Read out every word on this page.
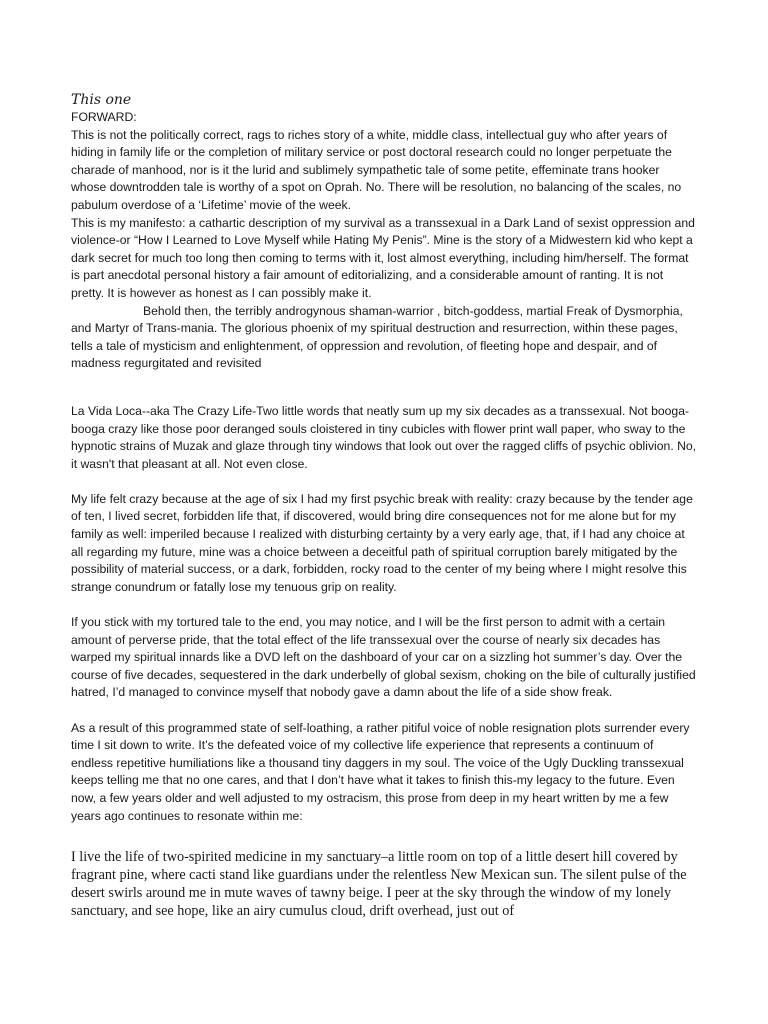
This one

FORWARD:

This is not the politically correct, rags to riches story of a white, middle class, intellectual guy who after years of hiding in family life or the completion of military service or post doctoral research could no longer perpetuate the charade of manhood, nor is it the lurid and sublimely sympathetic tale of some petite, effeminate trans hooker whose downtrodden tale is worthy of a spot on Oprah. No. There will be resolution, no balancing of the scales, no pabulum overdose of a ‘Lifetime’ movie of the week.

This is my manifesto: a cathartic description of my survival as a transsexual in a Dark Land of sexist oppression and violence-or “How I Learned to Love Myself while Hating My Penis”. Mine is the story of a Midwestern kid who kept a dark secret for much too long then coming to terms with it, lost almost everything, including him/herself. The format is part anecdotal personal history a fair amount of editorializing, and a considerable amount of ranting. It is not pretty. It is however as honest as I can possibly make it.

Behold then, the terribly androgynous shaman-warrior , bitch-goddess, martial Freak of Dysmorphia, and Martyr of Trans-mania. The glorious phoenix of my spiritual destruction and resurrection, within these pages, tells a tale of mysticism and enlightenment, of oppression and revolution, of fleeting hope and despair, and of madness regurgitated and revisited

La Vida Loca--aka The Crazy Life-Two little words that neatly sum up my six decades as a transsexual. Not booga-booga crazy like those poor deranged souls cloistered in tiny cubicles with flower print wall paper, who sway to the hypnotic strains of Muzak and glaze through tiny windows that look out over the ragged cliffs of psychic oblivion. No, it wasn't that pleasant at all. Not even close.

My life felt crazy because at the age of six I had my first psychic break with reality: crazy because by the tender age of ten, I lived secret, forbidden life that, if discovered, would bring dire consequences not for me alone but for my family as well: imperiled because I realized with disturbing certainty by a very early age, that, if I had any choice at all regarding my future, mine was a choice between a deceitful path of spiritual corruption barely mitigated by the possibility of material success, or a dark, forbidden, rocky road to the center of my being where I might resolve this strange conundrum or fatally lose my tenuous grip on reality.

If you stick with my tortured tale to the end, you may notice, and I will be the first person to admit with a certain amount of perverse pride, that the total effect of the life transsexual over the course of nearly six decades has warped my spiritual innards like a DVD left on the dashboard of your car on a sizzling hot summer’s day. Over the course of five decades, sequestered in the dark underbelly of global sexism, choking on the bile of culturally justified hatred, I’d managed to convince myself that nobody gave a damn about the life of a side show freak.

As a result of this programmed state of self-loathing, a rather pitiful voice of noble resignation plots surrender every time I sit down to write. It’s the defeated voice of my collective life experience that represents a continuum of endless repetitive humiliations like a thousand tiny daggers in my soul. The voice of the Ugly Duckling transsexual keeps telling me that no one cares, and that I don’t have what it takes to finish this-my legacy to the future. Even now, a few years older and well adjusted to my ostracism, this prose from deep in my heart written by me a few years ago continues to resonate within me:

I live the life of two-spirited medicine in my sanctuary–a little room on top of a little desert hill covered by fragrant pine, where cacti stand like guardians under the relentless New Mexican sun. The silent pulse of the desert swirls around me in mute waves of tawny beige. I peer at the sky through the window of my lonely sanctuary, and see hope, like an airy cumulus cloud, drift overhead, just out of
